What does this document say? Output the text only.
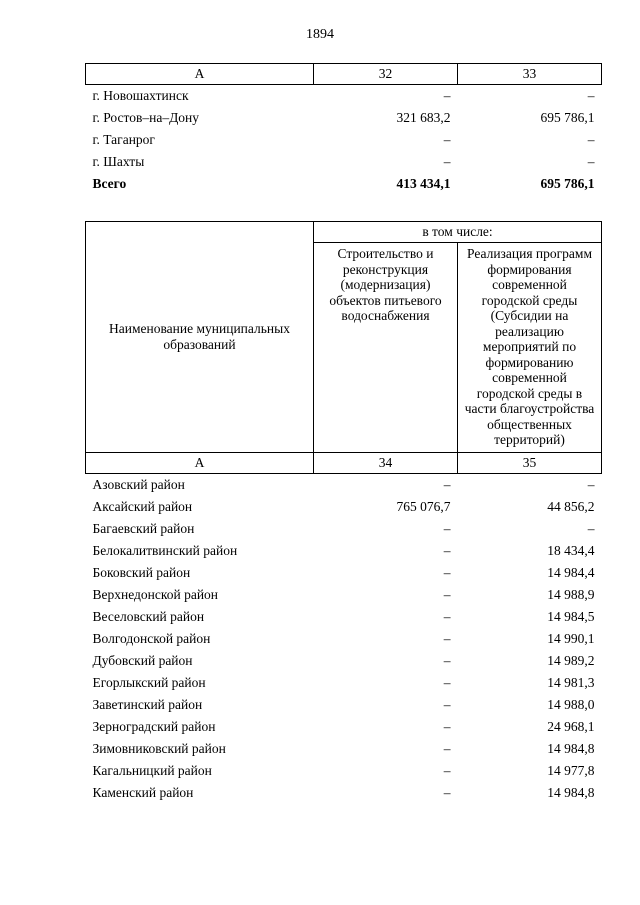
1894
А	32	33
г. Новошахтинск	–	–
г. Ростов–на–Дону	321 683,2	695 786,1
г. Таганрог	–	–
г. Шахты	–	–
Всего	413 434,1	695 786,1
Наименование муниципальных образований	в том числе:	
	Строительство и реконструкция (модернизация) объектов питьевого водоснабжения	Реализация программ формирования современной городской среды (Субсидии на реализацию мероприятий по формированию современной городской среды в части благоустройства общественных территорий)
А	34	35
Азовский район	–	–
Аксайский район	765 076,7	44 856,2
Багаевский район	–	–
Белокалитвинский район	–	18 434,4
Боковский район	–	14 984,4
Верхнедонской район	–	14 988,9
Веселовский район	–	14 984,5
Волгодонской район	–	14 990,1
Дубовский район	–	14 989,2
Егорлыкский район	–	14 981,3
Заветинский район	–	14 988,0
Зерноградский район	–	24 968,1
Зимовниковский район	–	14 984,8
Кагальницкий район	–	14 977,8
Каменский район	–	14 984,8
